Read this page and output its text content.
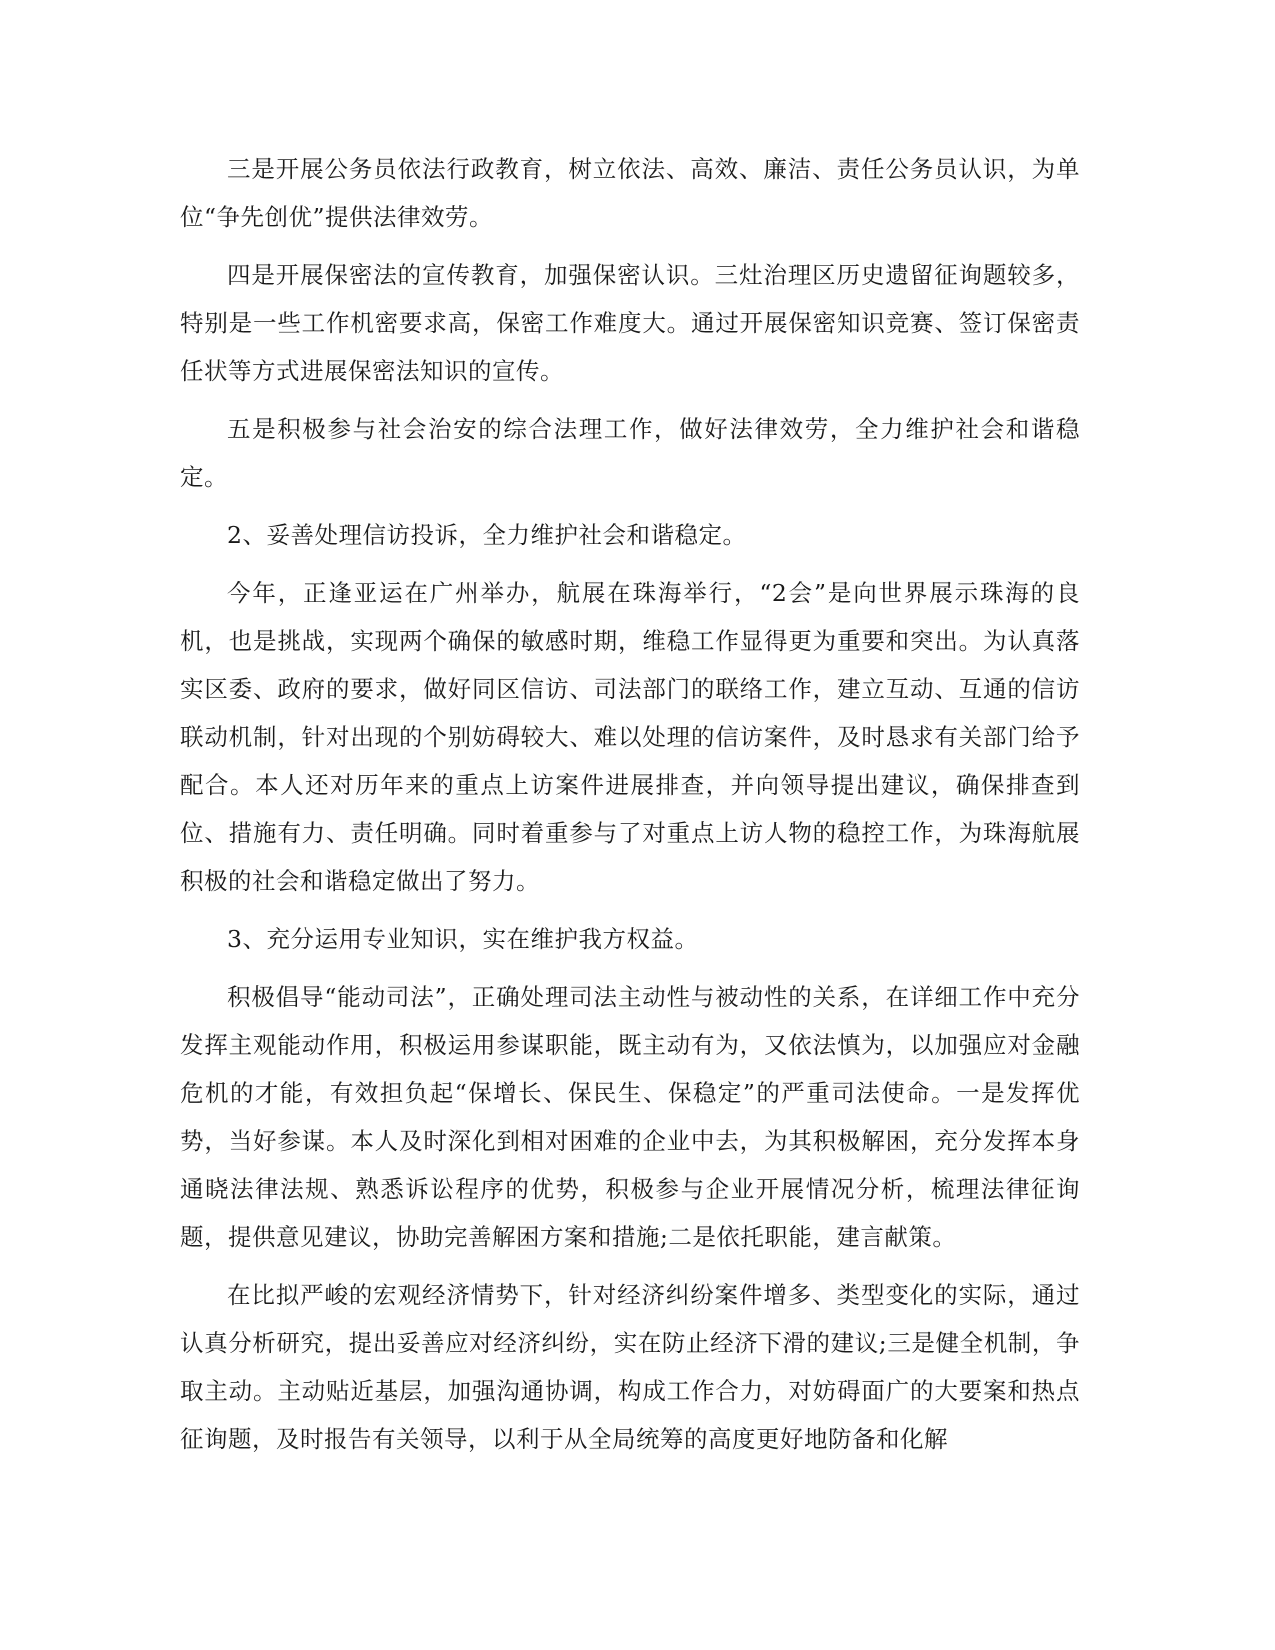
三是开展公务员依法行政教育，树立依法、高效、廉洁、责任公务员认识，为单位“争先创优”提供法律效劳。

四是开展保密法的宣传教育，加强保密认识。三灶治理区历史遗留征询题较多，特别是一些工作机密要求高，保密工作难度大。通过开展保密知识竞赛、签订保密责任状等方式进展保密法知识的宣传。

五是积极参与社会治安的综合法理工作，做好法律效劳，全力维护社会和谐稳定。

2、妥善处理信访投诉，全力维护社会和谐稳定。

今年，正逢亚运在广州举办，航展在珠海举行，“2会”是向世界展示珠海的良机，也是挑战，实现两个确保的敏感时期，维稳工作显得更为重要和突出。为认真落实区委、政府的要求，做好同区信访、司法部门的联络工作，建立互动、互通的信访联动机制，针对出现的个别妨碍较大、难以处理的信访案件，及时恳求有关部门给予配合。本人还对历年来的重点上访案件进展排查，并向领导提出建议，确保排查到位、措施有力、责任明确。同时着重参与了对重点上访人物的稳控工作，为珠海航展积极的社会和谐稳定做出了努力。

3、充分运用专业知识，实在维护我方权益。

积极倡导“能动司法”，正确处理司法主动性与被动性的关系，在详细工作中充分发挥主观能动作用，积极运用参谋职能，既主动有为，又依法慎为，以加强应对金融危机的才能，有效担负起“保增长、保民生、保稳定”的严重司法使命。一是发挥优势，当好参谋。本人及时深化到相对困难的企业中去，为其积极解困，充分发挥本身通晓法律法规、熟悉诉讼程序的优势，积极参与企业开展情况分析，梳理法律征询题，提供意见建议，协助完善解困方案和措施;二是依托职能，建言献策。

在比拟严峻的宏观经济情势下，针对经济纠纷案件增多、类型变化的实际，通过认真分析研究，提出妥善应对经济纠纷，实在防止经济下滑的建议;三是健全机制，争取主动。主动贴近基层，加强沟通协调，构成工作合力，对妨碍面广的大要案和热点征询题，及时报告有关领导，以利于从全局统筹的高度更好地防备和化解
